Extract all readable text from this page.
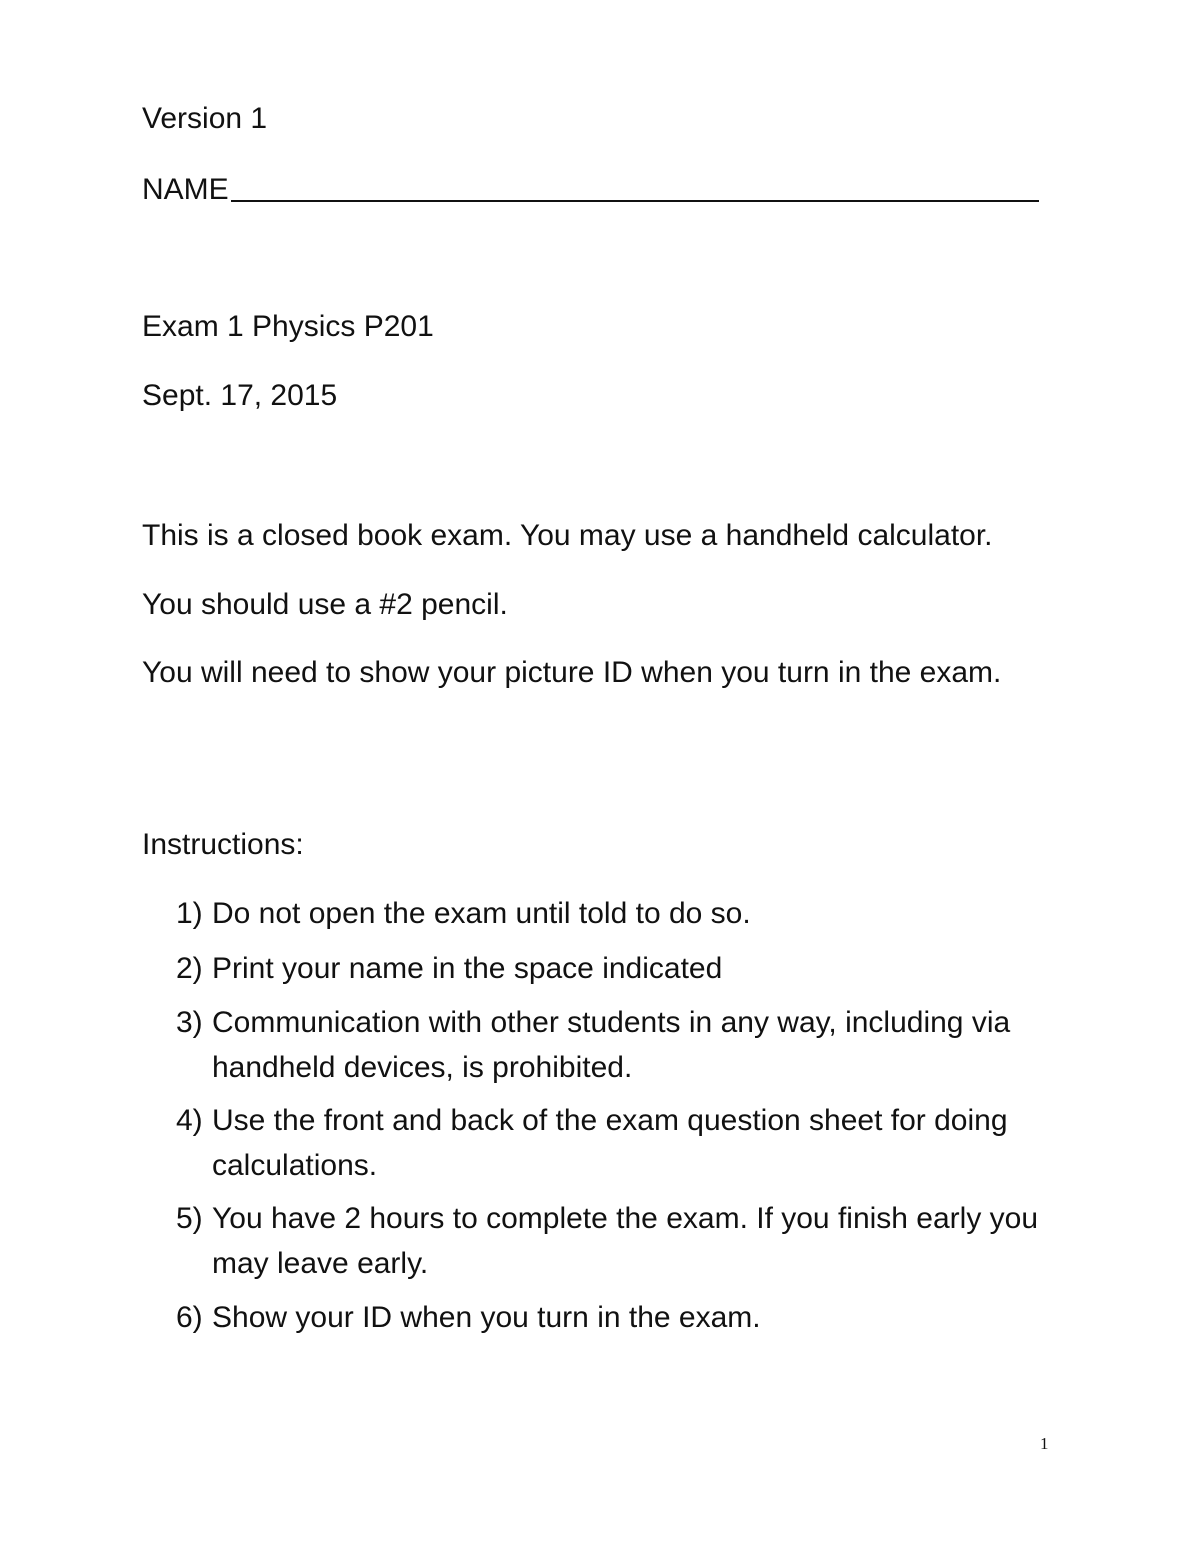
Version 1

NAME

Exam 1 Physics P201

Sept. 17, 2015

This is a closed book exam. You may use a handheld calculator.

You should use a #2 pencil.

You will need to show your picture ID when you turn in the exam.

Instructions:

1) Do not open the exam until told to do so.
2) Print your name in the space indicated
3) Communication with other students in any way, including via handheld devices, is prohibited.
4) Use the front and back of the exam question sheet for doing calculations.
5) You have 2 hours to complete the exam. If you finish early you may leave early.
6) Show your ID when you turn in the exam.
1
